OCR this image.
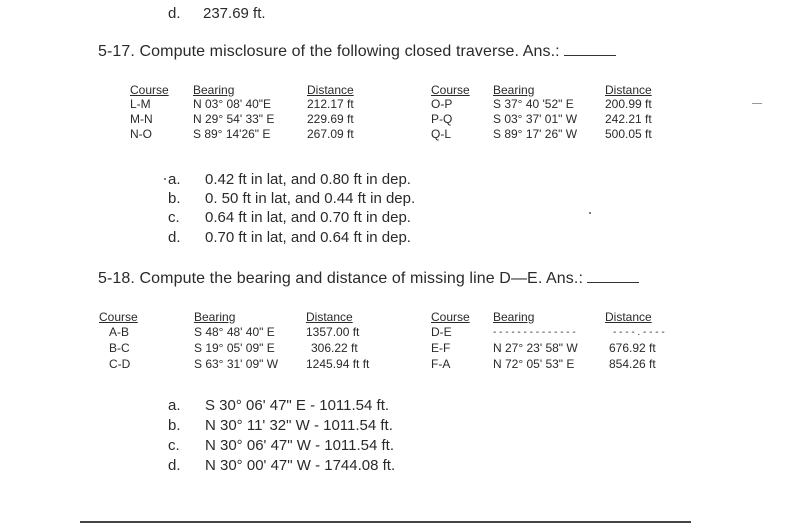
d. 237.69 ft.
5-17. Compute misclosure of the following closed traverse. Ans.:
Course Bearing	Distance
L-M	N 03° 08' 40"E	212.17 ft
M-N	N 29° 54' 33" E	229.69 ft
N-O	S 89° 14'26" E	267.09 ft
Course Bearing	Distance
O-P	S 37° 40 '52" E	200.99 ft
P-Q	S 03° 37' 01" W 242.21 ft
Q-L	S 89° 17' 26" W 500.05 ft
a. 0.42 ft in lat, and 0.80 ft in dep.
b. 0. 50 ft in lat, and 0.44 ft in dep.
c. 0.64 ft in lat, and 0.70 ft in dep.
d. 0.70 ft in lat, and 0.64 ft in dep.
5-18. Compute the bearing and distance of missing line D—E. Ans.:
Course	Bearing	Distance
A-B	S 48° 48' 40" E	1357.00 ft
B-C	S 19° 05' 09" E	306.22 ft
C-D	S 63° 31' 09" W 1245.94 ft ft
Course Bearing	Distance
D-E	- - - - - - - - - - - - - -	- - - - . - - - -
E-F	N 27° 23' 58" W	676.92 ft
F-A	N 72° 05' 53" E	854.26 ft
a. S 30° 06' 47" E - 1011.54 ft.
b. N 30° 11' 32" W - 1011.54 ft.
c. N 30° 06' 47" W - 1011.54 ft.
d. N 30° 00' 47" W - 1744.08 ft.
